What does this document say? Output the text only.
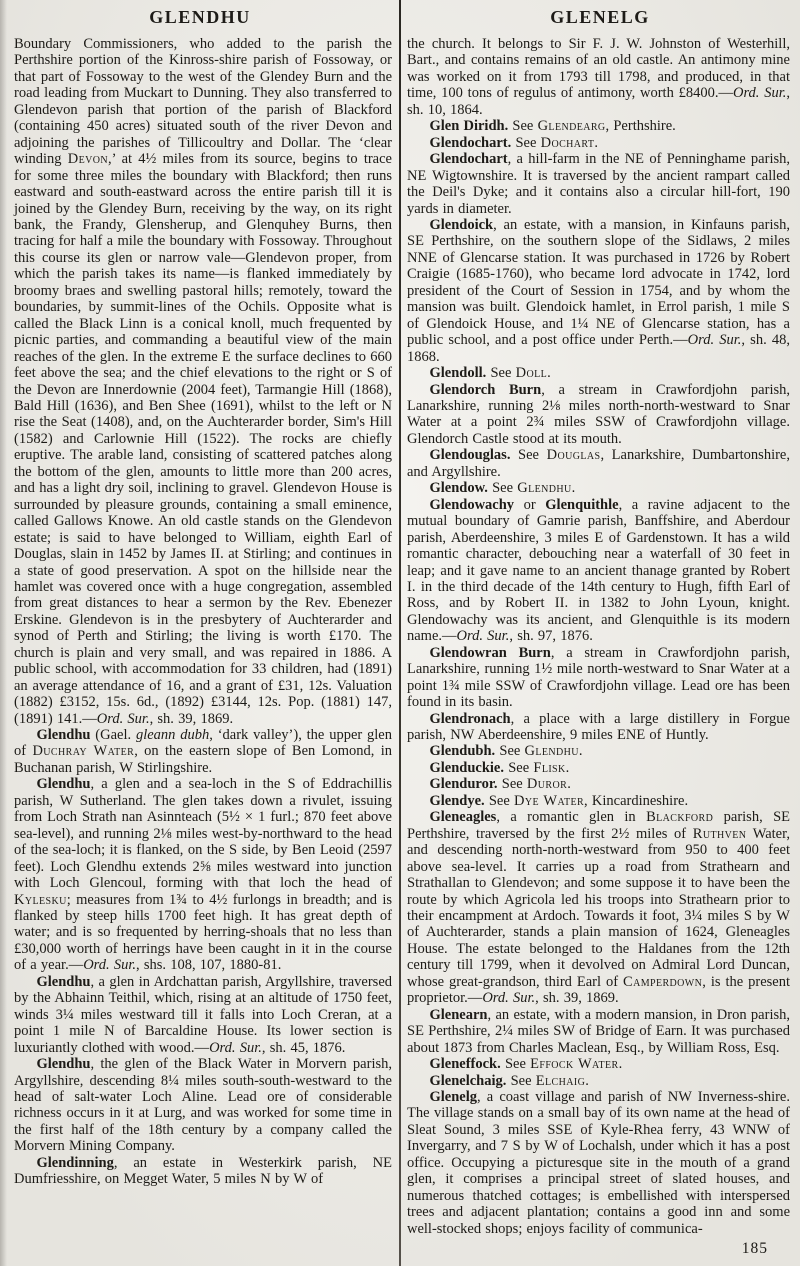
GLENDHU	GLENELG

Boundary Commissioners, who added to the parish the Perthshire portion of the Kinross-shire parish of Fossoway, or that part of Fossoway to the west of the Glendey Burn and the road leading from Muckart to Dunning. They also transferred to Glendevon parish that portion of the parish of Blackford (containing 450 acres) situated south of the river Devon and adjoining the parishes of Tillicoultry and Dollar. The ‘clear winding Devon,’ at 4½ miles from its source, begins to trace for some three miles the boundary with Blackford; then runs eastward and south-eastward across the entire parish till it is joined by the Glendey Burn, receiving by the way, on its right bank, the Frandy, Glensherup, and Glenquhey Burns, then tracing for half a mile the boundary with Fossoway. Throughout this course its glen or narrow vale—Glendevon proper, from which the parish takes its name—is flanked immediately by broomy braes and swelling pastoral hills; remotely, toward the boundaries, by summit-lines of the Ochils. Opposite what is called the Black Linn is a conical knoll, much frequented by picnic parties, and commanding a beautiful view of the main reaches of the glen. In the extreme E the surface declines to 660 feet above the sea; and the chief elevations to the right or S of the Devon are Innerdownie (2004 feet), Tarmangie Hill (1868), Bald Hill (1636), and Ben Shee (1691), whilst to the left or N rise the Seat (1408), and, on the Auchterarder border, Sim's Hill (1582) and Carlownie Hill (1522). The rocks are chiefly eruptive. The arable land, consisting of scattered patches along the bottom of the glen, amounts to little more than 200 acres, and has a light dry soil, inclining to gravel. Glendevon House is surrounded by pleasure grounds, containing a small eminence, called Gallows Knowe. An old castle stands on the Glendevon estate; is said to have belonged to William, eighth Earl of Douglas, slain in 1452 by James II. at Stirling; and continues in a state of good preservation. A spot on the hillside near the hamlet was covered once with a huge congregation, assembled from great distances to hear a sermon by the Rev. Ebenezer Erskine. Glendevon is in the presbytery of Auchterarder and synod of Perth and Stirling; the living is worth £170. The church is plain and very small, and was repaired in 1886. A public school, with accommodation for 33 children, had (1891) an average attendance of 16, and a grant of £31, 12s. Valuation (1882) £3152, 15s. 6d., (1892) £3144, 12s. Pop. (1881) 147, (1891) 141.—Ord. Sur., sh. 39, 1869.

Glendhu (Gael. gleann dubh, ‘dark valley’), the upper glen of Duchray Water, on the eastern slope of Ben Lomond, in Buchanan parish, W Stirlingshire.

Glendhu, a glen and a sea-loch in the S of Eddrachillis parish, W Sutherland. The glen takes down a rivulet, issuing from Loch Strath nan Asinnteach (5½ × 1 furl.; 870 feet above sea-level), and running 2⅛ miles west-by-northward to the head of the sea-loch; it is flanked, on the S side, by Ben Leoid (2597 feet). Loch Glendhu extends 2⅝ miles westward into junction with Loch Glencoul, forming with that loch the head of Kylesku; measures from 1¾ to 4½ furlongs in breadth; and is flanked by steep hills 1700 feet high. It has great depth of water; and is so frequented by herring-shoals that no less than £30,000 worth of herrings have been caught in it in the course of a year.—Ord. Sur., shs. 108, 107, 1880-81.

Glendhu, a glen in Ardchattan parish, Argyllshire, traversed by the Abhainn Teithil, which, rising at an altitude of 1750 feet, winds 3¼ miles westward till it falls into Loch Creran, at a point 1 mile N of Barcaldine House. Its lower section is luxuriantly clothed with wood.—Ord. Sur., sh. 45, 1876.

Glendhu, the glen of the Black Water in Morvern parish, Argyllshire, descending 8¼ miles south-south-westward to the head of salt-water Loch Aline. Lead ore of considerable richness occurs in it at Lurg, and was worked for some time in the first half of the 18th century by a company called the Morvern Mining Company.

Glendinning, an estate in Westerkirk parish, NE Dumfriesshire, on Megget Water, 5 miles N by W of

the church. It belongs to Sir F. J. W. Johnston of Westerhill, Bart., and contains remains of an old castle. An antimony mine was worked on it from 1793 till 1798, and produced, in that time, 100 tons of regulus of antimony, worth £8400.—Ord. Sur., sh. 10, 1864.

Glen Diridh. See Glendearg, Perthshire.

Glendochart. See Dochart.

Glendochart, a hill-farm in the NE of Penninghame parish, NE Wigtownshire. It is traversed by the ancient rampart called the Deil's Dyke; and it contains also a circular hill-fort, 190 yards in diameter.

Glendoick, an estate, with a mansion, in Kinfauns parish, SE Perthshire, on the southern slope of the Sidlaws, 2 miles NNE of Glencarse station. It was purchased in 1726 by Robert Craigie (1685-1760), who became lord advocate in 1742, lord president of the Court of Session in 1754, and by whom the mansion was built. Glendoick hamlet, in Errol parish, 1 mile S of Glendoick House, and 1¼ NE of Glencarse station, has a public school, and a post office under Perth.—Ord. Sur., sh. 48, 1868.

Glendoll. See Doll.

Glendorch Burn, a stream in Crawfordjohn parish, Lanarkshire, running 2⅛ miles north-north-westward to Snar Water at a point 2¾ miles SSW of Crawfordjohn village. Glendorch Castle stood at its mouth.

Glendouglas. See Douglas, Lanarkshire, Dumbartonshire, and Argyllshire.

Glendow. See Glendhu.

Glendowachy or Glenquithle, a ravine adjacent to the mutual boundary of Gamrie parish, Banffshire, and Aberdour parish, Aberdeenshire, 3 miles E of Gardenstown. It has a wild romantic character, debouching near a waterfall of 30 feet in leap; and it gave name to an ancient thanage granted by Robert I. in the third decade of the 14th century to Hugh, fifth Earl of Ross, and by Robert II. in 1382 to John Lyoun, knight. Glendowachy was its ancient, and Glenquithle is its modern name.—Ord. Sur., sh. 97, 1876.

Glendowran Burn, a stream in Crawfordjohn parish, Lanarkshire, running 1½ mile north-westward to Snar Water at a point 1¾ mile SSW of Crawfordjohn village. Lead ore has been found in its basin.

Glendronach, a place with a large distillery in Forgue parish, NW Aberdeenshire, 9 miles ENE of Huntly.

Glendubh. See Glendhu.

Glenduckie. See Flisk.

Glenduror. See Duror.

Glendye. See Dye Water, Kincardineshire.

Gleneagles, a romantic glen in Blackford parish, SE Perthshire, traversed by the first 2½ miles of Ruthven Water, and descending north-north-westward from 950 to 400 feet above sea-level. It carries up a road from Strathearn and Strathallan to Glendevon; and some suppose it to have been the route by which Agricola led his troops into Strathearn prior to their encampment at Ardoch. Towards it foot, 3¼ miles S by W of Auchterarder, stands a plain mansion of 1624, Gleneagles House. The estate belonged to the Haldanes from the 12th century till 1799, when it devolved on Admiral Lord Duncan, whose great-grandson, third Earl of Camperdown, is the present proprietor.—Ord. Sur., sh. 39, 1869.

Glenearn, an estate, with a modern mansion, in Dron parish, SE Perthshire, 2¼ miles SW of Bridge of Earn. It was purchased about 1873 from Charles Maclean, Esq., by William Ross, Esq.

Gleneffock. See Effock Water.

Glenelchaig. See Elchaig.

Glenelg, a coast village and parish of NW Inverness-shire. The village stands on a small bay of its own name at the head of Sleat Sound, 3 miles SSE of Kyle-Rhea ferry, 43 WNW of Invergarry, and 7 S by W of Lochalsh, under which it has a post office. Occupying a picturesque site in the mouth of a grand glen, it comprises a principal street of slated houses, and numerous thatched cottages; is embellished with interspersed trees and adjacent plantation; contains a good inn and some well-stocked shops; enjoys facility of communica-

185
